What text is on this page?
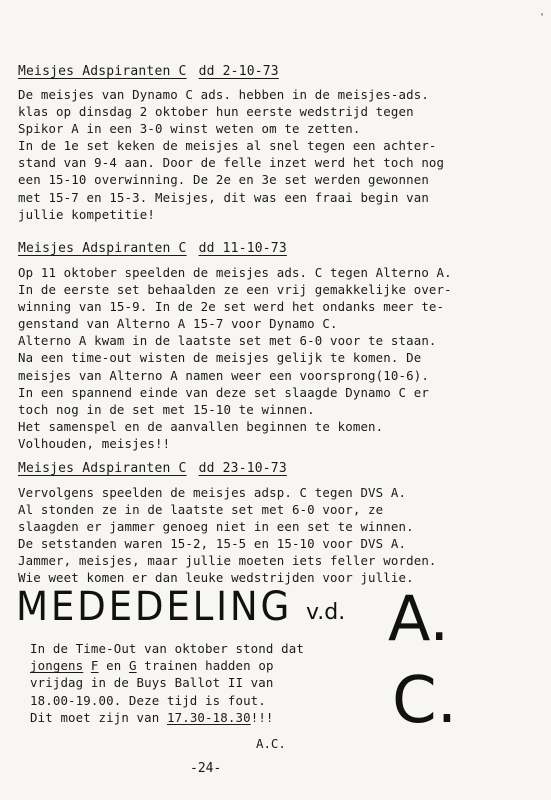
'
Meisjes Adspiranten C dd 2-10-73
De meisjes van Dynamo C ads. hebben in de meisjes-ads.
klas op dinsdag 2 oktober hun eerste wedstrijd tegen
Spikor A in een 3-0 winst weten om te zetten.
In de 1e set keken de meisjes al snel tegen een achter-
stand van 9-4 aan. Door de felle inzet werd het toch nog
een 15-10 overwinning. De 2e en 3e set werden gewonnen
met 15-7 en 15-3. Meisjes, dit was een fraai begin van
jullie kompetitie!
Meisjes Adspiranten C dd 11-10-73
Op 11 oktober speelden de meisjes ads. C tegen Alterno A.
In de eerste set behaalden ze een vrij gemakkelijke over-
winning van 15-9. In de 2e set werd het ondanks meer te-
genstand van Alterno A 15-7 voor Dynamo C.
Alterno A kwam in de laatste set met 6-0 voor te staan.
Na een time-out wisten de meisjes gelijk te komen. De
meisjes van Alterno A namen weer een voorsprong(10-6).
In een spannend einde van deze set slaagde Dynamo C er
toch nog in de set met 15-10 te winnen.
Het samenspel en de aanvallen beginnen te komen.
Volhouden, meisjes!!
Meisjes Adspiranten C dd 23-10-73
Vervolgens speelden de meisjes adsp. C tegen DVS A.
Al stonden ze in de laatste set met 6-0 voor, ze
slaagden er jammer genoeg niet in een set te winnen.
De setstanden waren 15-2, 15-5 en 15-10 voor DVS A.
Jammer, meisjes, maar jullie moeten iets feller worden.
Wie weet komen er dan leuke wedstrijden voor jullie.
MEDEDELING v.d. A.
C.
In de Time-Out van oktober stond dat
jongens F en G trainen hadden op
vrijdag in de Buys Ballot II van
18.00-19.00. Deze tijd is fout.
Dit moet zijn van 17.30-18.30!!!
A.C.
-24-
